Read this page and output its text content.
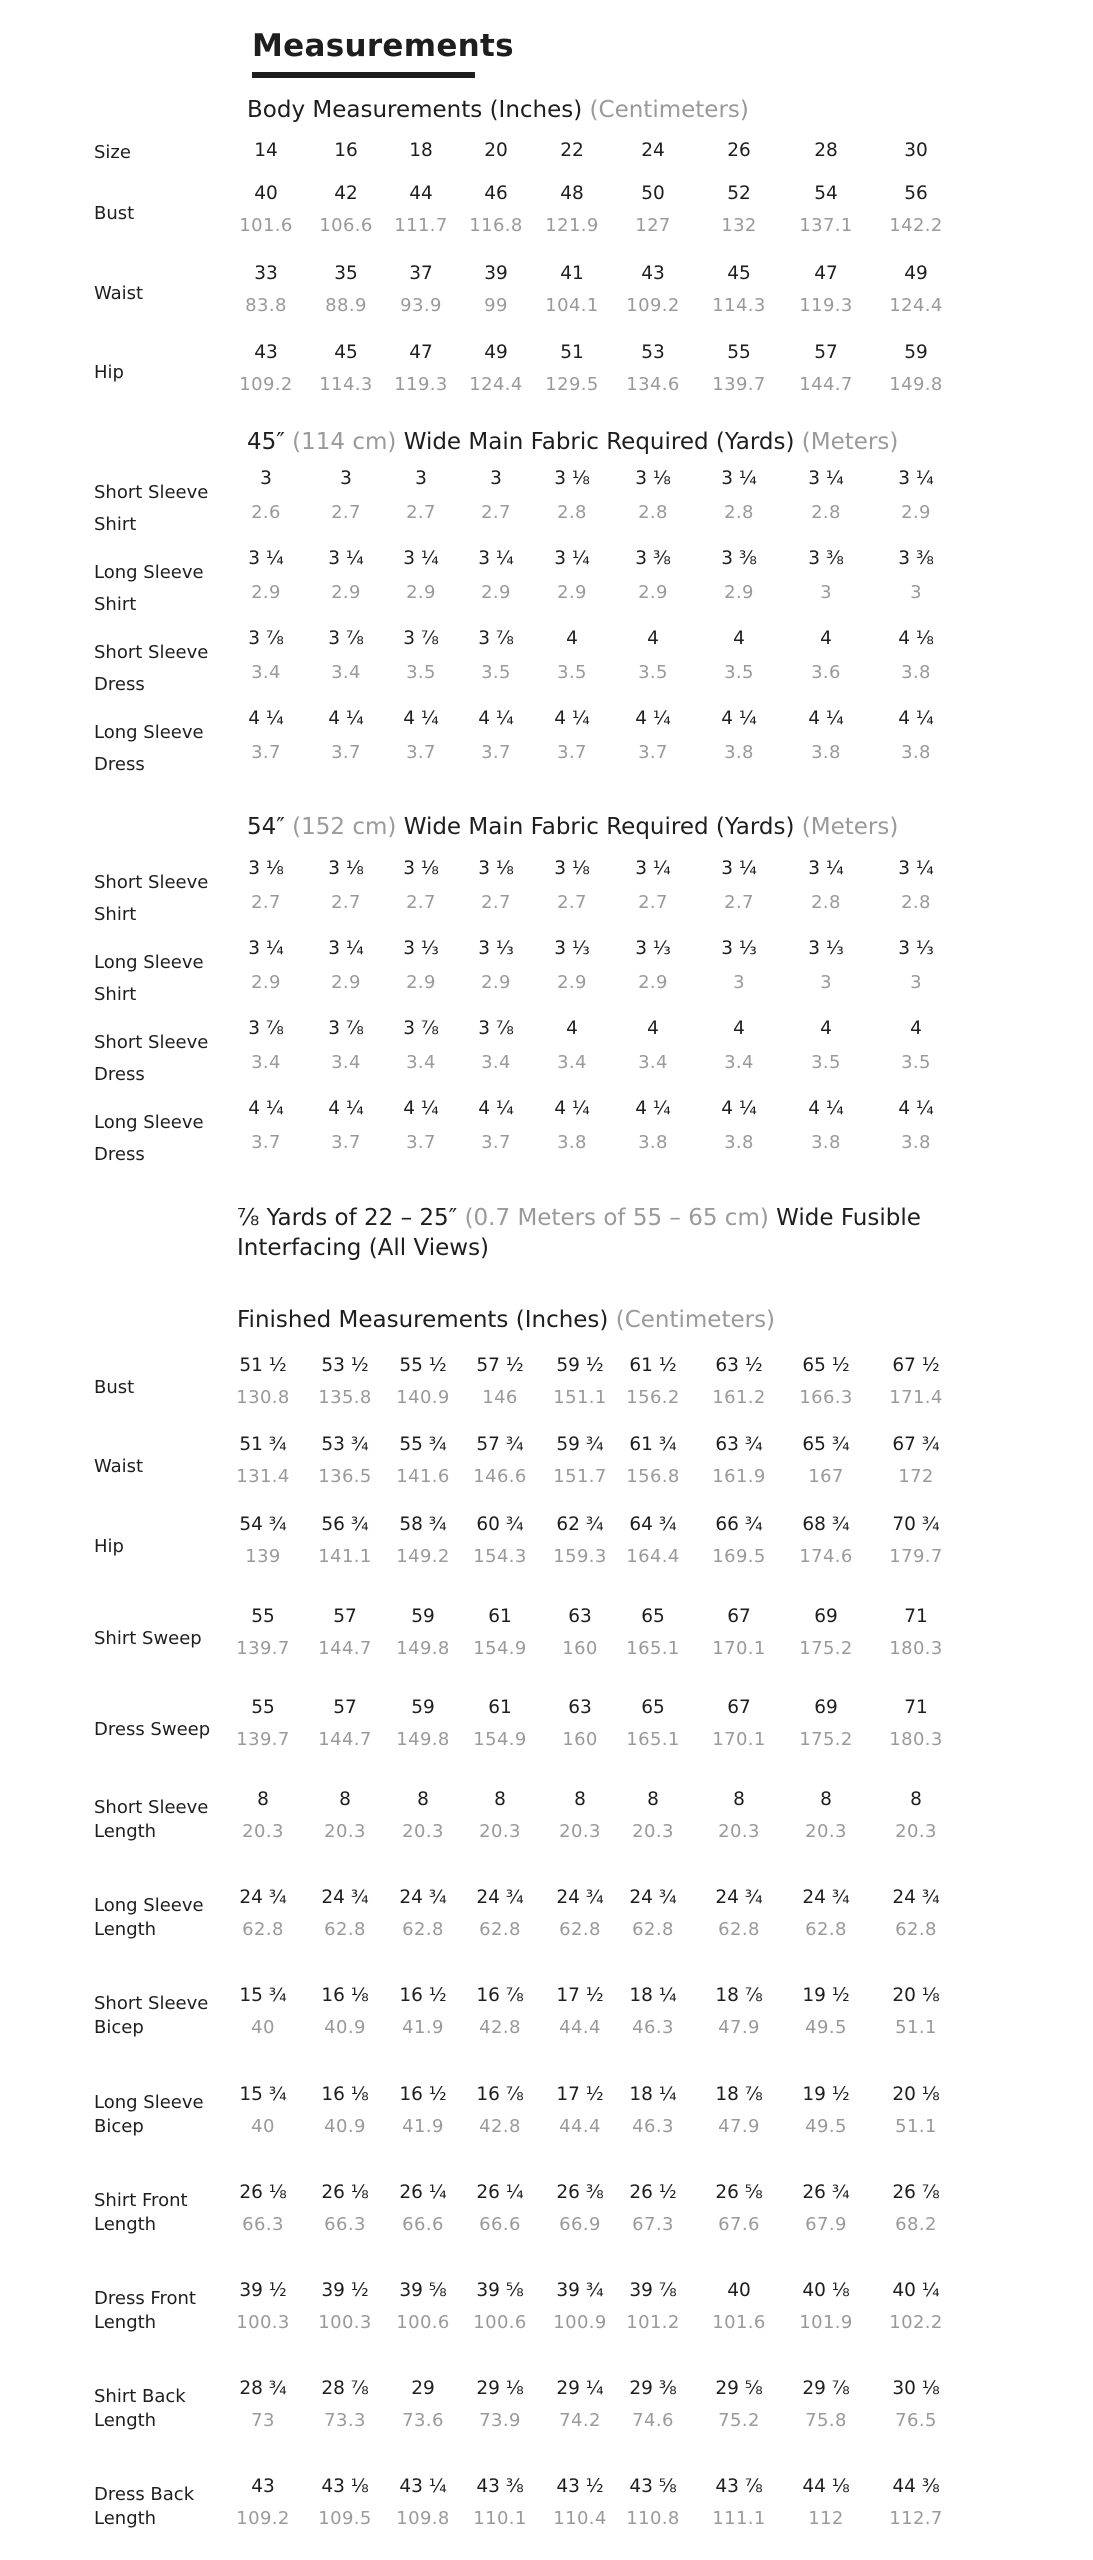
Measurements
Body Measurements (Inches) (Centimeters)
45″ (114 cm) Wide Main Fabric Required (Yards) (Meters)
54″ (152 cm) Wide Main Fabric Required (Yards) (Meters)
⅞ Yards of 22 – 25″ (0.7 Meters of 55 – 65 cm) Wide Fusible Interfacing (All Views)
Finished Measurements (Inches) (Centimeters)
Size	14	16	18	20	22	24	26	28	30
Bust
40	42	44	46	48	50	52	54	56
101.6	106.6	111.7	116.8	121.9	127	132	137.1	142.2
Waist
33	35	37	39	41	43	45	47	49
83.8	88.9	93.9	99	104.1	109.2	114.3	119.3	124.4
Hip
43	45	47	49	51	53	55	57	59
109.2	114.3	119.3	124.4	129.5	134.6	139.7	144.7	149.8
Short Sleeve
Shirt
3	3	3	3	3 ⅛	3 ⅛	3 ¼	3 ¼	3 ¼
2.6	2.7	2.7	2.7	2.8	2.8	2.8	2.8	2.9
Long Sleeve
Shirt
3 ¼	3 ¼	3 ¼	3 ¼	3 ¼	3 ⅜	3 ⅜	3 ⅜	3 ⅜
2.9	2.9	2.9	2.9	2.9	2.9	2.9	3	3
Short Sleeve
Dress
3 ⅞	3 ⅞	3 ⅞	3 ⅞	4	4	4	4	4 ⅛
3.4	3.4	3.5	3.5	3.5	3.5	3.5	3.6	3.8
Long Sleeve
Dress
4 ¼	4 ¼	4 ¼	4 ¼	4 ¼	4 ¼	4 ¼	4 ¼	4 ¼
3.7	3.7	3.7	3.7	3.7	3.7	3.8	3.8	3.8
Short Sleeve
Shirt
3 ⅛	3 ⅛	3 ⅛	3 ⅛	3 ⅛	3 ¼	3 ¼	3 ¼	3 ¼
2.7	2.7	2.7	2.7	2.7	2.7	2.7	2.8	2.8
Long Sleeve
Shirt
3 ¼	3 ¼	3 ⅓	3 ⅓	3 ⅓	3 ⅓	3 ⅓	3 ⅓	3 ⅓
2.9	2.9	2.9	2.9	2.9	2.9	3	3	3
Short Sleeve
Dress
3 ⅞	3 ⅞	3 ⅞	3 ⅞	4	4	4	4	4
3.4	3.4	3.4	3.4	3.4	3.4	3.4	3.5	3.5
Long Sleeve
Dress
4 ¼	4 ¼	4 ¼	4 ¼	4 ¼	4 ¼	4 ¼	4 ¼	4 ¼
3.7	3.7	3.7	3.7	3.8	3.8	3.8	3.8	3.8
Bust
51 ½	53 ½	55 ½	57 ½	59 ½	61 ½	63 ½	65 ½	67 ½
130.8	135.8	140.9	146	151.1	156.2	161.2	166.3	171.4
Waist
51 ¾	53 ¾	55 ¾	57 ¾	59 ¾	61 ¾	63 ¾	65 ¾	67 ¾
131.4	136.5	141.6	146.6	151.7	156.8	161.9	167	172
Hip
54 ¾	56 ¾	58 ¾	60 ¾	62 ¾	64 ¾	66 ¾	68 ¾	70 ¾
139	141.1	149.2	154.3	159.3	164.4	169.5	174.6	179.7
Shirt Sweep
55	57	59	61	63	65	67	69	71
139.7	144.7	149.8	154.9	160	165.1	170.1	175.2	180.3
Dress Sweep
55	57	59	61	63	65	67	69	71
139.7	144.7	149.8	154.9	160	165.1	170.1	175.2	180.3
Short Sleeve
Length
8	8	8	8	8	8	8	8	8
20.3	20.3	20.3	20.3	20.3	20.3	20.3	20.3	20.3
Long Sleeve
Length
24 ¾	24 ¾	24 ¾	24 ¾	24 ¾	24 ¾	24 ¾	24 ¾	24 ¾
62.8	62.8	62.8	62.8	62.8	62.8	62.8	62.8	62.8
Short Sleeve
Bicep
15 ¾	16 ⅛	16 ½	16 ⅞	17 ½	18 ¼	18 ⅞	19 ½	20 ⅛
40	40.9	41.9	42.8	44.4	46.3	47.9	49.5	51.1
Long Sleeve
Bicep
15 ¾	16 ⅛	16 ½	16 ⅞	17 ½	18 ¼	18 ⅞	19 ½	20 ⅛
40	40.9	41.9	42.8	44.4	46.3	47.9	49.5	51.1
Shirt Front
Length
26 ⅛	26 ⅛	26 ¼	26 ¼	26 ⅜	26 ½	26 ⅝	26 ¾	26 ⅞
66.3	66.3	66.6	66.6	66.9	67.3	67.6	67.9	68.2
Dress Front
Length
39 ½	39 ½	39 ⅝	39 ⅝	39 ¾	39 ⅞	40	40 ⅛	40 ¼
100.3	100.3	100.6	100.6	100.9	101.2	101.6	101.9	102.2
Shirt Back
Length
28 ¾	28 ⅞	29	29 ⅛	29 ¼	29 ⅜	29 ⅝	29 ⅞	30 ⅛
73	73.3	73.6	73.9	74.2	74.6	75.2	75.8	76.5
Dress Back
Length
43	43 ⅛	43 ¼	43 ⅜	43 ½	43 ⅝	43 ⅞	44 ⅛	44 ⅜
109.2	109.5	109.8	110.1	110.4	110.8	111.1	112	112.7
